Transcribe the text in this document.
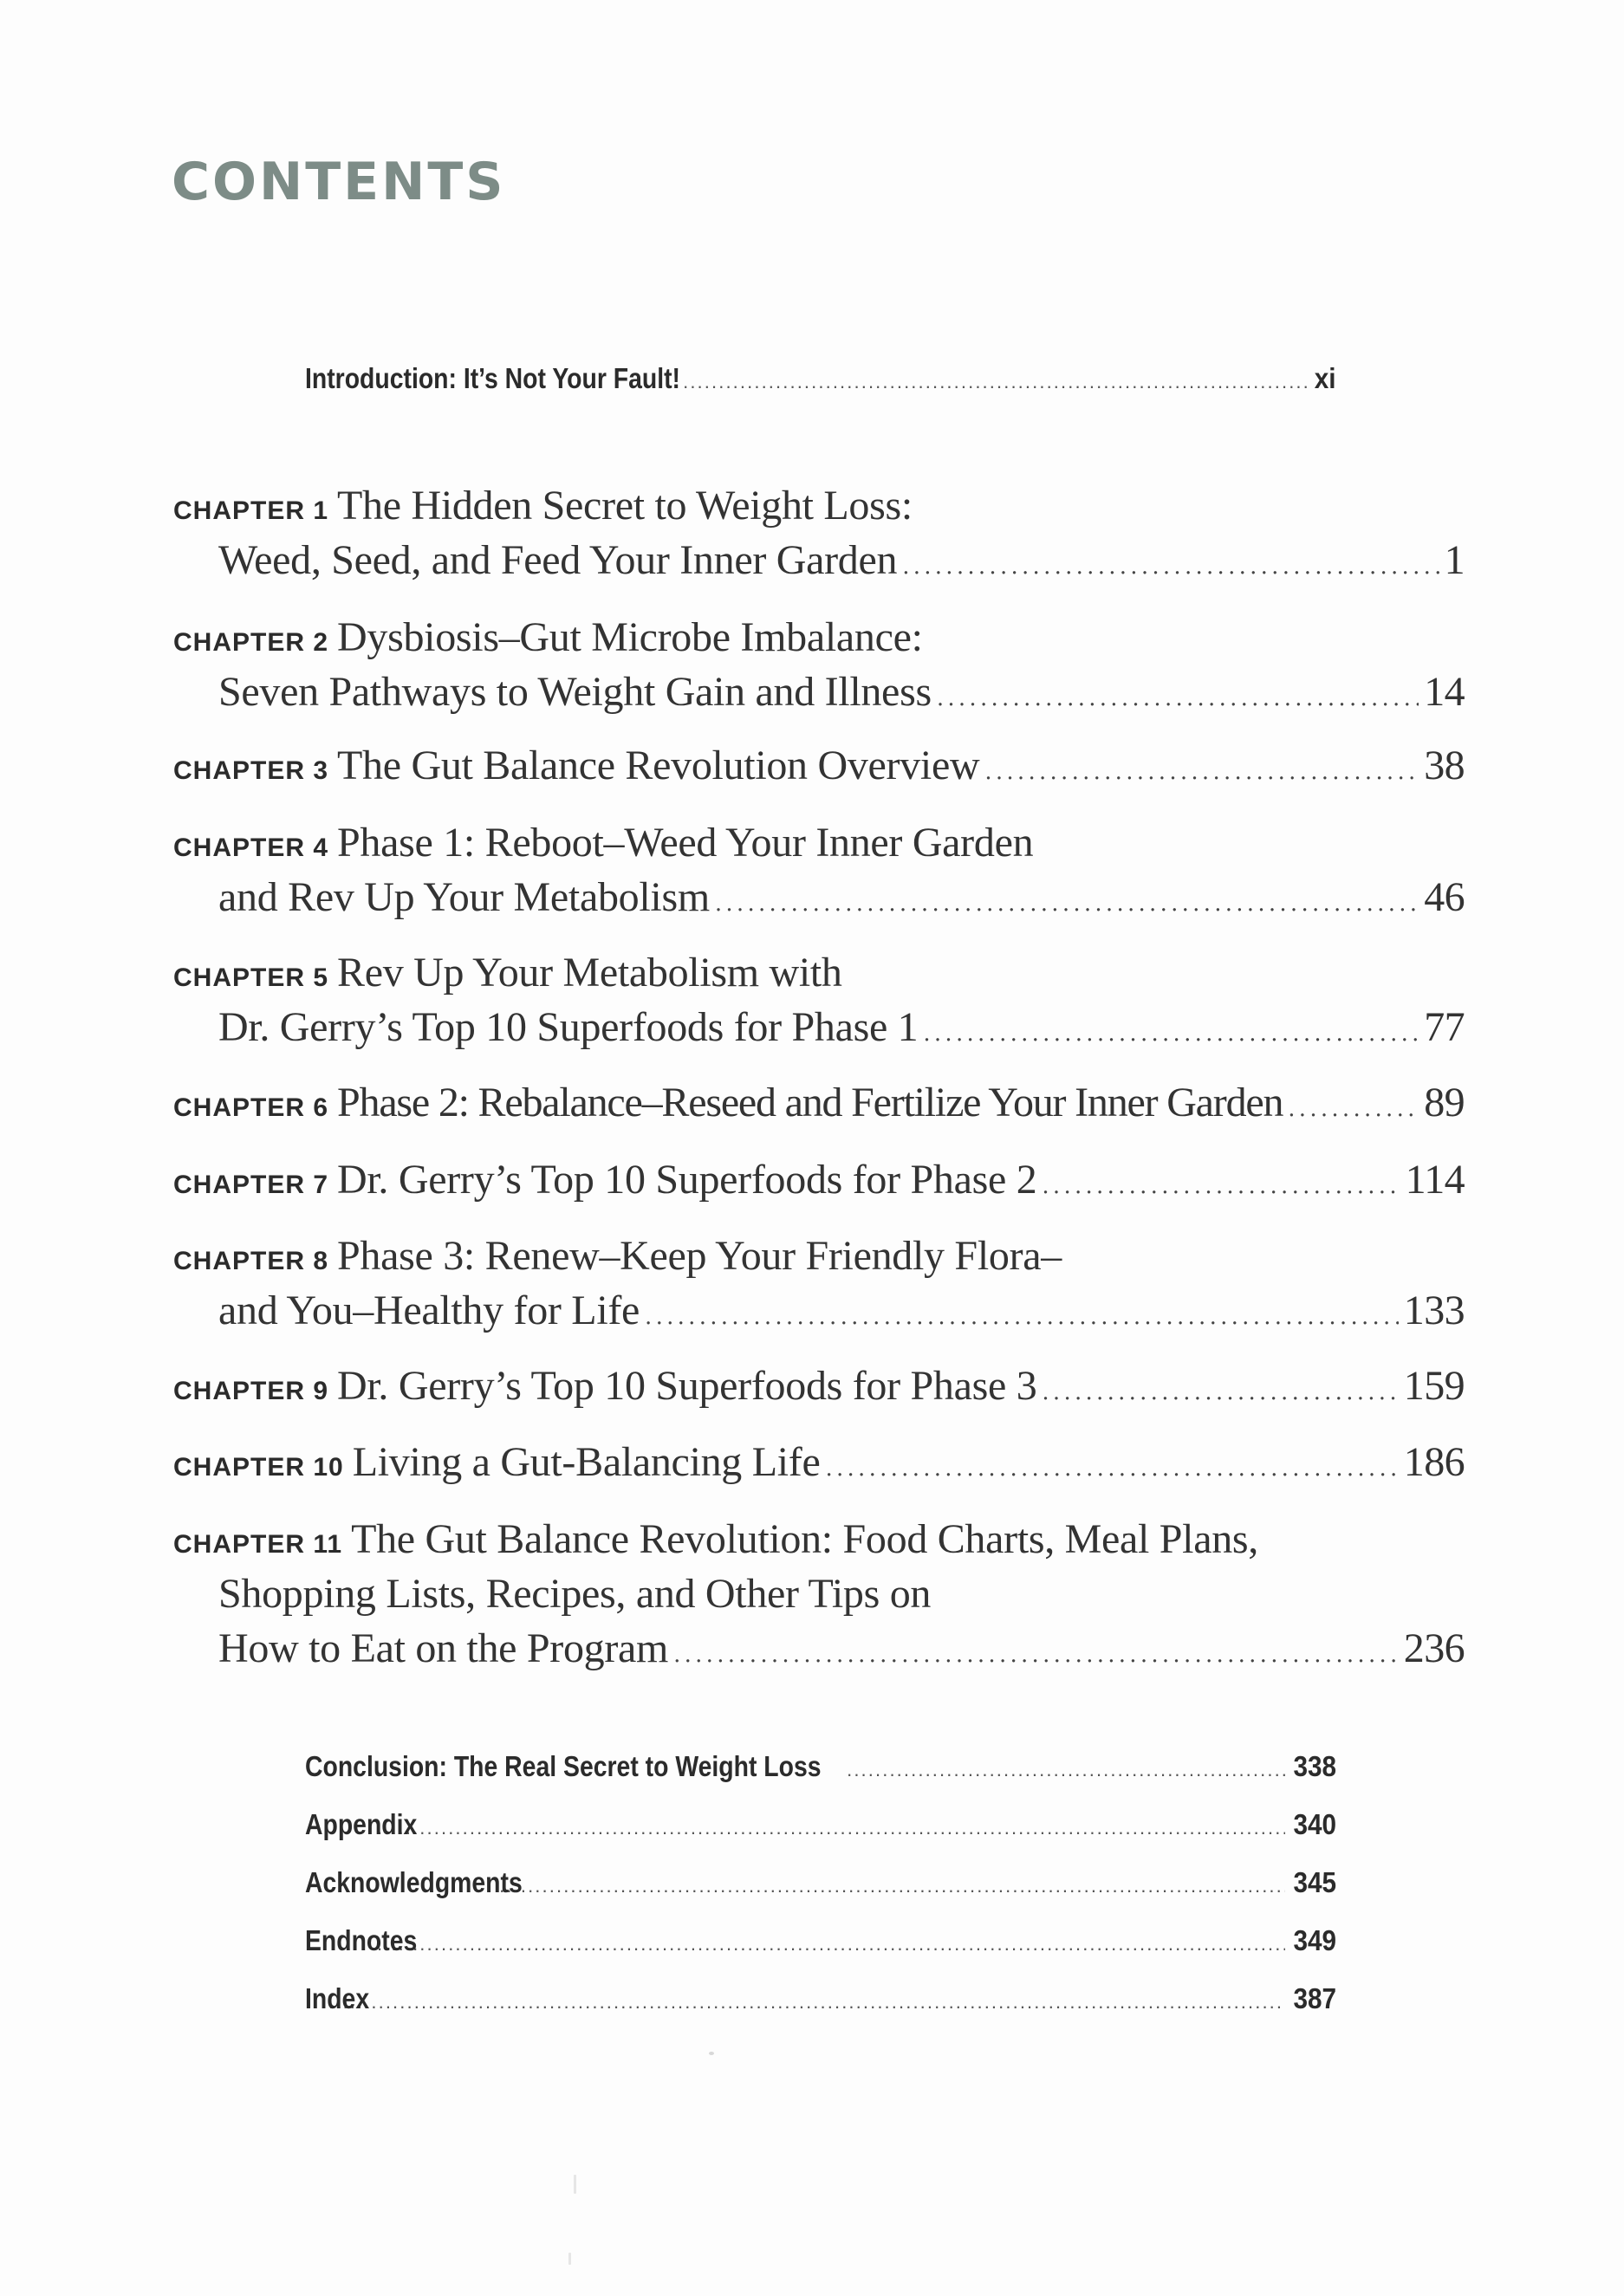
CONTENTS
Introduction: It’s Not Your Fault! . . .	xi
CHAPTER 1 The Hidden Secret to Weight Loss:
Weed, Seed, and Feed Your Inner Garden . . .	1
CHAPTER 2 Dysbiosis–Gut Microbe Imbalance:
Seven Pathways to Weight Gain and Illness . . .	14
CHAPTER 3 The Gut Balance Revolution Overview . . .	38
CHAPTER 4 Phase 1: Reboot–Weed Your Inner Garden
and Rev Up Your Metabolism . . .	46
CHAPTER 5 Rev Up Your Metabolism with
Dr. Gerry’s Top 10 Superfoods for Phase 1 . . .	77
CHAPTER 6 Phase 2: Rebalance–Reseed and Fertilize Your Inner Garden . . .	89
CHAPTER 7 Dr. Gerry’s Top 10 Superfoods for Phase 2 . . .	114
CHAPTER 8 Phase 3: Renew–Keep Your Friendly Flora–
and You–Healthy for Life . . .	133
CHAPTER 9 Dr. Gerry’s Top 10 Superfoods for Phase 3 . . .	159
CHAPTER 10 Living a Gut-Balancing Life . . .	186
CHAPTER 11 The Gut Balance Revolution: Food Charts, Meal Plans,
Shopping Lists, Recipes, and Other Tips on
How to Eat on the Program . . .	236
Conclusion: The Real Secret to Weight Loss . . .	338
Appendix . . .	340
Acknowledgments . . .	345
Endnotes . . .	349
Index . . .	387
